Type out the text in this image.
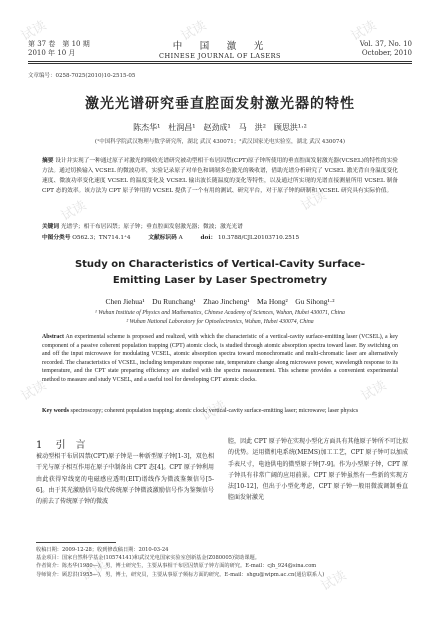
试读	试读	试读
试读	试读
试读
试读
试读
试读	试读
第 37 卷　第 10 期
2010 年 10 月
中　国　激　光
CHINESE JOURNAL OF LASERS
Vol. 37, No. 10
October, 2010
文章编号：0258-7025(2010)10-2515-05
激光光谱研究垂直腔面发射激光器的特性
陈杰华¹　杜润昌¹　赵劲成¹　马　洪²　顾思洪¹·²
(¹中国科学院武汉物理与数学研究所，湖北 武汉 430071；²武汉国家光电实验室，湖北 武汉 430074)
摘要 设计并实现了一种通过原子对激光的吸收光谱研究被动型相干布居囚禁(CPT)原子钟所使用的垂直腔面发射激光器(VCSEL)的特性的实验方法。通过切换输入 VCSEL 的微波功率，实验记录原子对单色和调制多色激光的吸收谱，借助光谱分析研究了 VCSEL 激光背自身温度变化速度、微波功率变化速度 VCSEL 的温度变化及 VCSEL 输出波长随温度的变化等特性，以及通过所实现的光谱直接测量所用 VCSEL 制备 CPT 态的效率。该方法为 CPT 原子钟用的 VCSEL 提供了一个有用的测试、研究平台，对于原子钟的研制和 VCSEL 研究具有实际价值。
关键词 光谱学；相干布居囚禁；原子钟；垂直腔面发射激光器；微波；激光光谱
中图分类号 O562.3；TN714.1⁺4	文献标识码 A	doi： 10.3788/CJL20103710.2515
Study on Characteristics of Vertical-Cavity Surface-Emitting Laser by Laser Spectrometry
Chen Jiehua¹　Du Runchang¹　Zhao Jincheng¹　Ma Hong²　Gu Sihong¹·²
¹ Wuhan Institute of Physics and Mathematics, Chinese Academy of Sciences, Wuhan, Hubei 430071, China
² Wuhan National Laboratory for Optoelectronics, Wuhan, Hubei 430074, China
Abstract An experimental scheme is proposed and realized, with which the characteristic of a vertical-cavity surface-emitting laser (VCSEL), a key component of a passive coherent population trapping (CPT) atomic clock, is studied through atomic absorption spectra toward laser. By switching on and off the input microwave for modulating VCSEL, atomic absorption spectra toward monochromatic and multi-chromatic laser are alternatively recorded. The characteristics of VCSEL, including temperature response rate, temperature change along microwave power, wavelength response to its temperature, and the CPT state preparing efficiency are studied with the spectra measurement. This scheme provides a convenient experimental method to measure and study VCSEL, and a useful tool for developing CPT atomic clocks.
Key words spectroscopy; coherent population trapping; atomic clock; vertical-cavity surface-emitting laser; microwave; laser physics
1 引　言
被动型相干布居囚禁(CPT)原子钟是一种新型原子钟[1-3]，双色相干光与原子相互作用在原子中制备出 CPT 态[4]。CPT 原子钟利用由此获得窄线宽的电磁感应透明(EIT)谱线作为微波鉴频信号[5-6]。由于其光激励信号取代传统原子钟微波激励信号作为鉴频信号的前去了传统原子钟的微波
腔，因此 CPT 原子钟在实现小型化方面具有其他原子钟所不可比拟的优势。运用微机电系统(MEMS)加工工艺，CPT 原子钟可以加成手表尺寸，电池供电的微型原子钟[7-9]。作为小型原子钟，CPT 原子钟具有非常广阔的应用前景。CPT 原子钟虽然有一些新的实现方法[10-12]，但出于小型化考虑，CPT 原子钟一般用微波调制垂直腔面发射激光
收稿日期：2009-12-28；收到修改稿日期：2010-03-24
基金项目：国家自然科学基金(10574141)和武汉光电国家实验室创新基金(Z080005)资助课题。
作者简介：陈杰华(1980—)，男，博士研究生，主要从事相干布居囚禁原子钟方面的研究。E-mail：cjh_924@sina.com
导师简介：顾思洪(1955—)，男，博士，研究员，主要从事原子频标方面的研究。E-mail：shgu@wipm.ac.cn(通信联系人)
